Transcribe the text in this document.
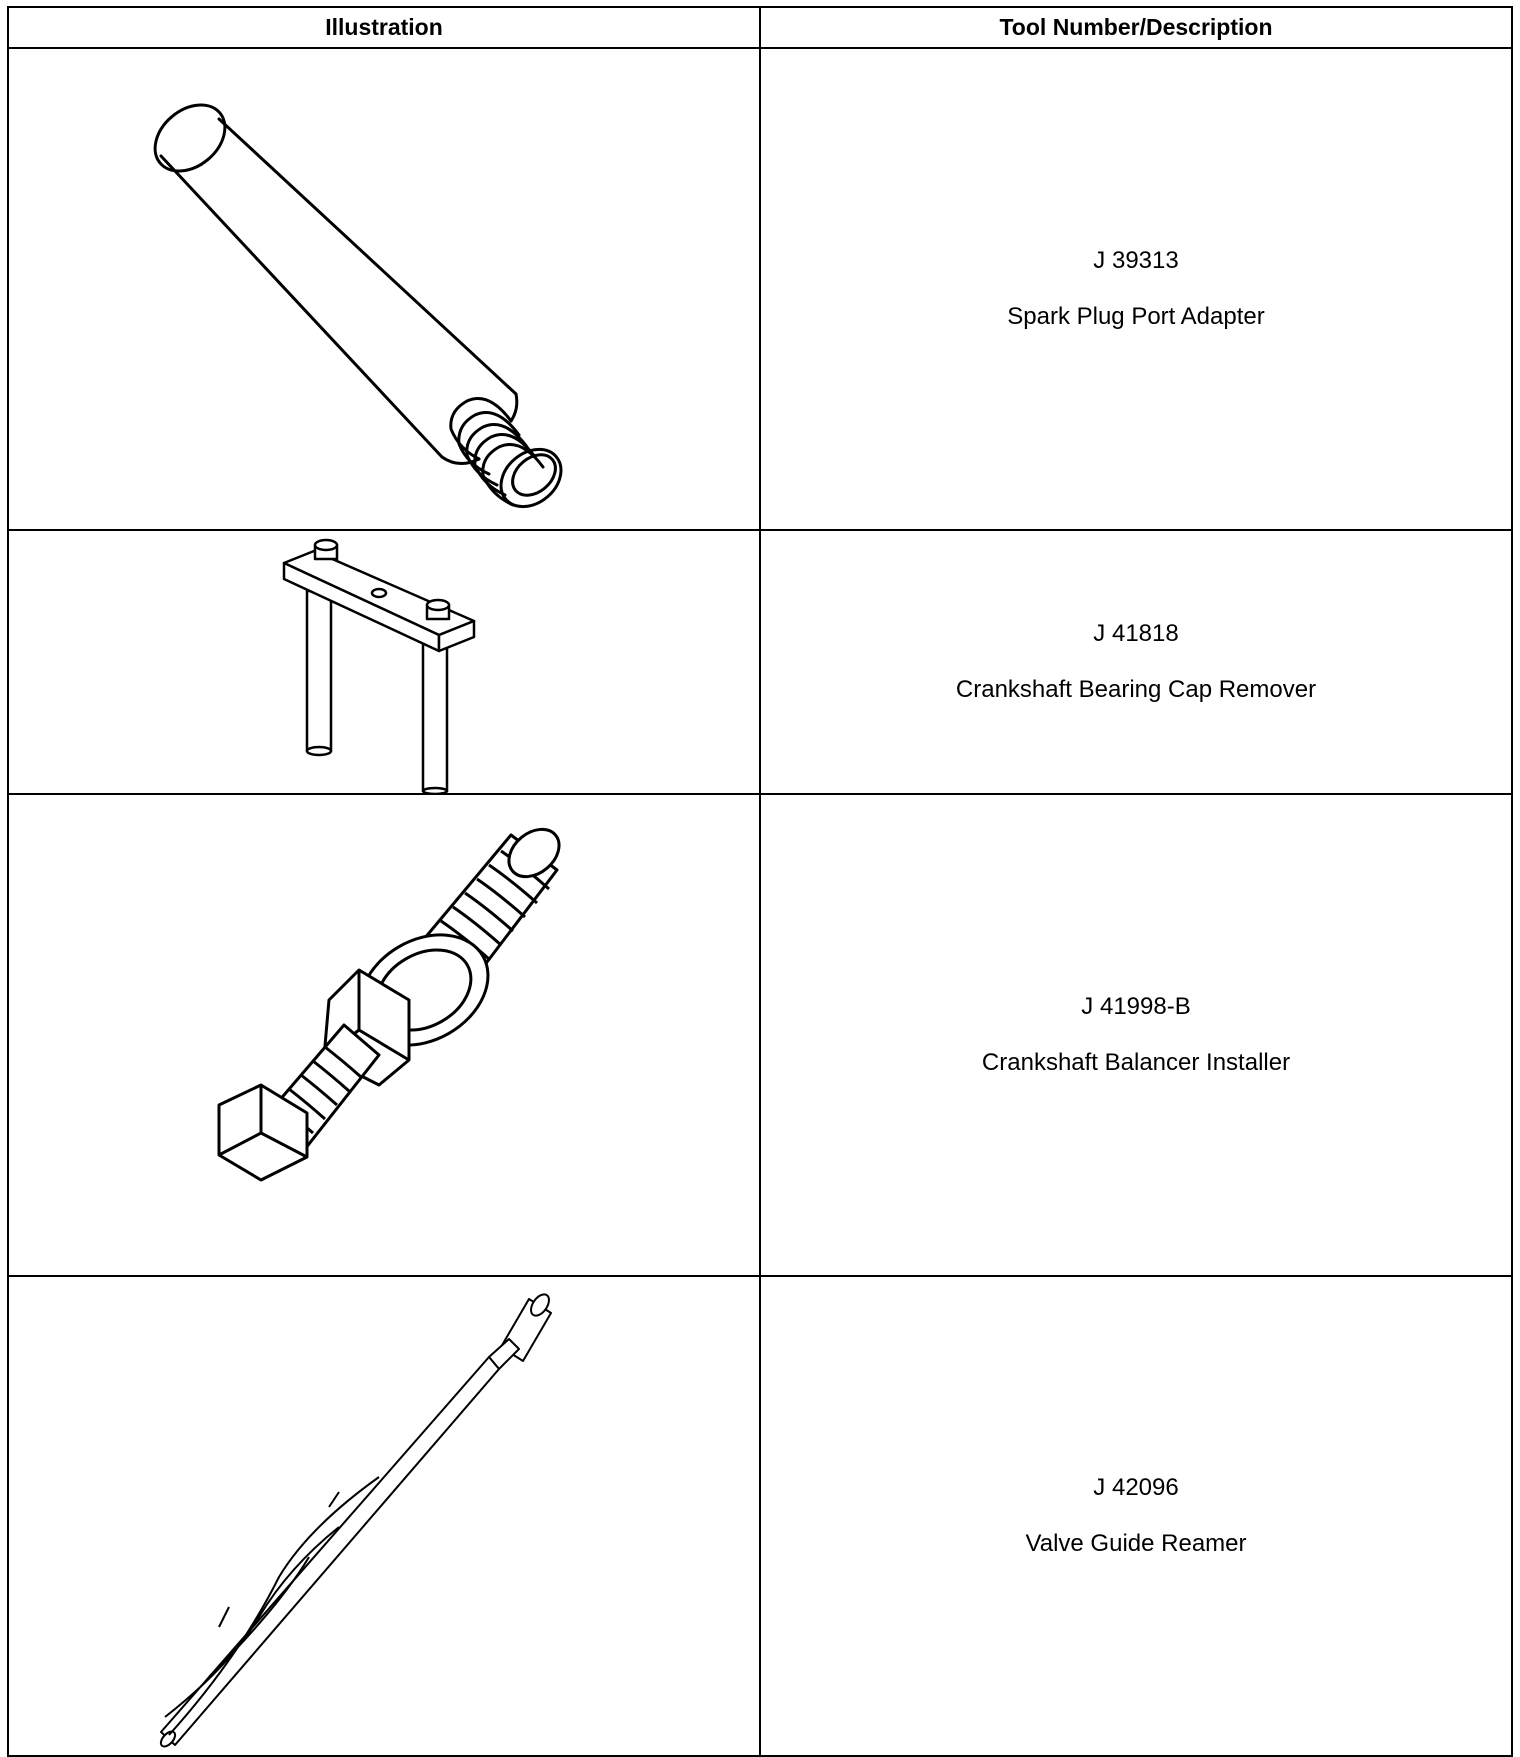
Illustration	Tool Number/Description

J 39313
Spark Plug Port Adapter

J 41818
Crankshaft Bearing Cap Remover

J 41998-B
Crankshaft Balancer Installer

J 42096
Valve Guide Reamer
